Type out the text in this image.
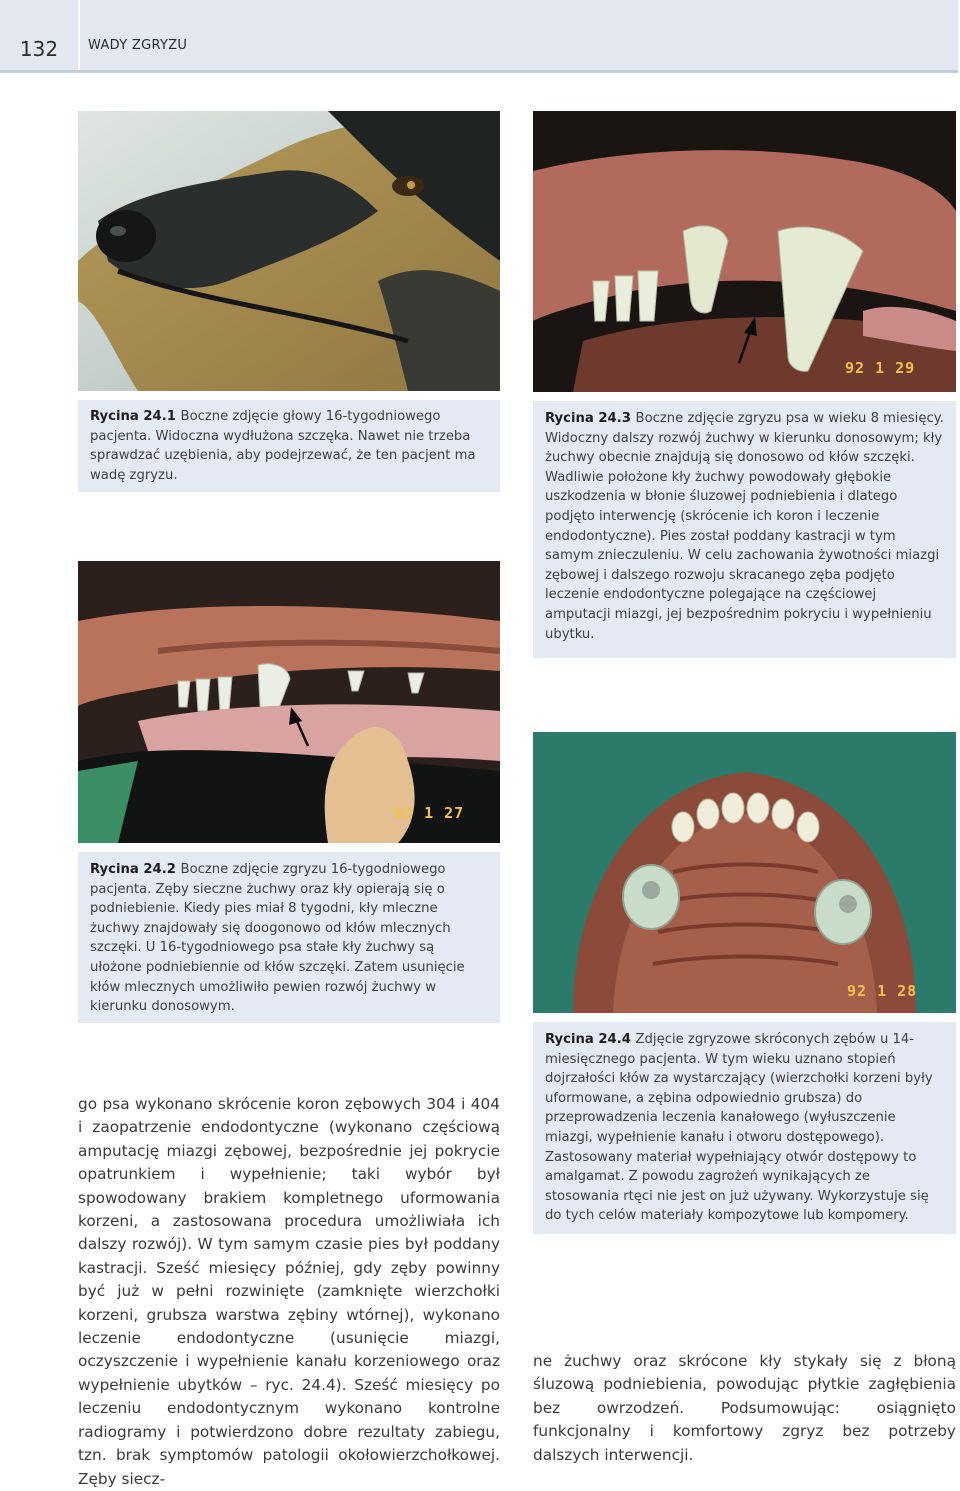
132	WADY ZGRYZU
Rycina 24.1 Boczne zdjęcie głowy 16-tygodniowego pacjenta. Widoczna wydłużona szczęka. Nawet nie trzeba sprawdzać uzębienia, aby podejrzewać, że ten pacjent ma wadę zgryzu.
92 1 29
Rycina 24.3 Boczne zdjęcie zgryzu psa w wieku 8 miesięcy. Widoczny dalszy rozwój żuchwy w kierunku donosowym; kły żuchwy obecnie znajdują się donosowo od kłów szczęki. Wadliwie położone kły żuchwy powodowały głębokie uszkodzenia w błonie śluzowej podniebienia i dlatego podjęto interwencję (skrócenie ich koron i leczenie endodontyczne). Pies został poddany kastracji w tym samym znieczuleniu. W celu zachowania żywotności miazgi zębowej i dalszego rozwoju skracanego zęba podjęto leczenie endodontyczne polegające na częściowej amputacji miazgi, jej bezpośrednim pokryciu i wypełnieniu ubytku.
92 1 27
Rycina 24.2 Boczne zdjęcie zgryzu 16-tygodniowego pacjenta. Zęby sieczne żuchwy oraz kły opierają się o podniebienie. Kiedy pies miał 8 tygodni, kły mleczne żuchwy znajdowały się doogonowo od kłów mlecznych szczęki. U 16-tygodniowego psa stałe kły żuchwy są ułożone podniebiennie od kłów szczęki. Zatem usunięcie kłów mlecznych umożliwiło pewien rozwój żuchwy w kierunku donosowym.
92 1 28
Rycina 24.4 Zdjęcie zgryzowe skróconych zębów u 14-miesięcznego pacjenta. W tym wieku uznano stopień dojrzałości kłów za wystarczający (wierzchołki korzeni były uformowane, a zębina odpowiednio grubsza) do przeprowadzenia leczenia kanałowego (wyłuszczenie miazgi, wypełnienie kanału i otworu dostępowego). Zastosowany materiał wypełniający otwór dostępowy to amalgamat. Z powodu zagrożeń wynikających ze stosowania rtęci nie jest on już używany. Wykorzystuje się do tych celów materiały kompozytowe lub kompomery.

go psa wykonano skrócenie koron zębowych 304 i 404 i zaopatrzenie endodontyczne (wykonano częściową amputację miazgi zębowej, bezpośrednie jej pokrycie opatrunkiem i wypełnienie; taki wybór był spowodowany brakiem kompletnego uformowania korzeni, a zastosowana procedura umożliwiała ich dalszy rozwój). W tym samym czasie pies był poddany kastracji. Sześć miesięcy później, gdy zęby powinny być już w pełni rozwinięte (zamknięte wierzchołki korzeni, grubsza warstwa zębiny wtórnej), wykonano leczenie endodontyczne (usunięcie miazgi, oczyszczenie i wypełnienie kanału korzeniowego oraz wypełnienie ubytków – ryc. 24.4). Sześć miesięcy po leczeniu endodontycznym wykonano kontrolne radiogramy i potwierdzono dobre rezultaty zabiegu, tzn. brak symptomów patologii okołowierzchołkowej. Zęby siecz-

ne żuchwy oraz skrócone kły stykały się z błoną śluzową podniebienia, powodując płytkie zagłębienia bez owrzodzeń. Podsumowując: osiągnięto funkcjonalny i komfortowy zgryz bez potrzeby dalszych interwencji.
